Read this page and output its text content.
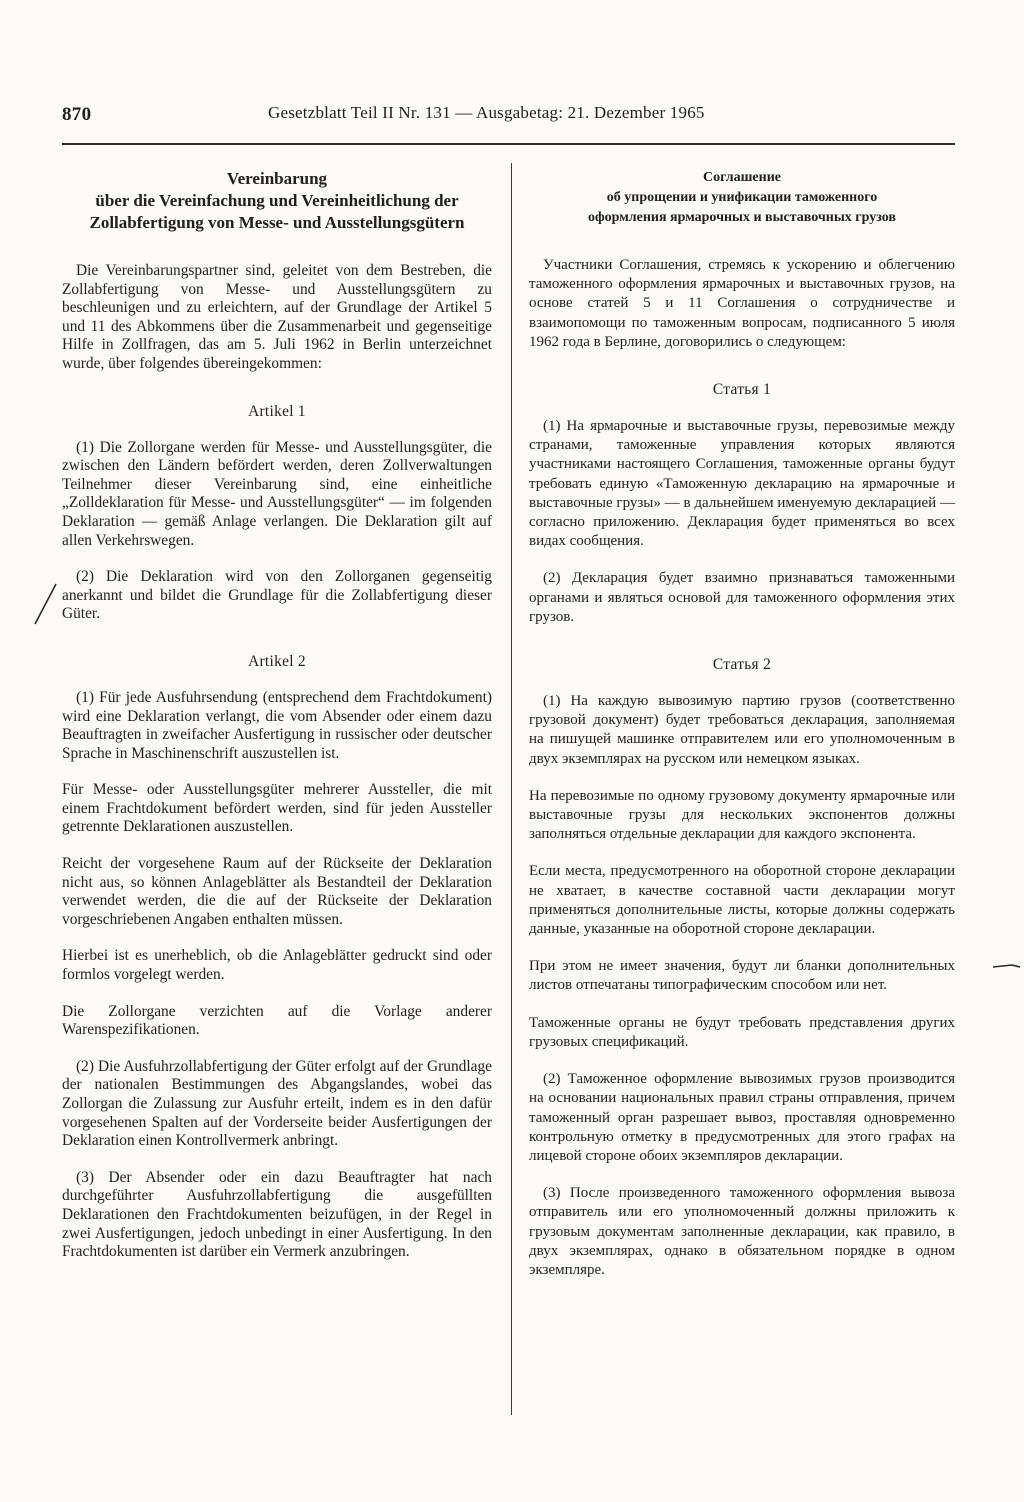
870	Gesetzblatt Teil II Nr. 131 — Ausgabetag: 21. Dezember 1965

Vereinbarung

über die Vereinfachung und Vereinheitlichung der

Zollabfertigung von Messe- und Ausstellungsgütern

Die Vereinbarungspartner sind, geleitet von dem Bestreben, die Zollabfertigung von Messe- und Ausstellungsgütern zu beschleunigen und zu erleichtern, auf der Grundlage der Artikel 5 und 11 des Abkommens über die Zusammenarbeit und gegenseitige Hilfe in Zollfragen, das am 5. Juli 1962 in Berlin unterzeichnet wurde, über folgendes übereingekommen:

Artikel 1

(1) Die Zollorgane werden für Messe- und Ausstellungsgüter, die zwischen den Ländern befördert werden, deren Zollverwaltungen Teilnehmer dieser Vereinbarung sind, eine einheitliche „Zolldeklaration für Messe- und Ausstellungsgüter“ — im folgenden Deklaration — gemäß Anlage verlangen. Die Deklaration gilt auf allen Verkehrswegen.

(2) Die Deklaration wird von den Zollorganen gegenseitig anerkannt und bildet die Grundlage für die Zollabfertigung dieser Güter.

Artikel 2

(1) Für jede Ausfuhrsendung (entsprechend dem Frachtdokument) wird eine Deklaration verlangt, die vom Absender oder einem dazu Beauftragten in zweifacher Ausfertigung in russischer oder deutscher Sprache in Maschinenschrift auszustellen ist.

Für Messe- oder Ausstellungsgüter mehrerer Aussteller, die mit einem Frachtdokument befördert werden, sind für jeden Aussteller getrennte Deklarationen auszustellen.

Reicht der vorgesehene Raum auf der Rückseite der Deklaration nicht aus, so können Anlageblätter als Bestandteil der Deklaration verwendet werden, die die auf der Rückseite der Deklaration vorgeschriebenen Angaben enthalten müssen.

Hierbei ist es unerheblich, ob die Anlageblätter gedruckt sind oder formlos vorgelegt werden.

Die Zollorgane verzichten auf die Vorlage anderer Warenspezifikationen.

(2) Die Ausfuhrzollabfertigung der Güter erfolgt auf der Grundlage der nationalen Bestimmungen des Abgangslandes, wobei das Zollorgan die Zulassung zur Ausfuhr erteilt, indem es in den dafür vorgesehenen Spalten auf der Vorderseite beider Ausfertigungen der Deklaration einen Kontrollvermerk anbringt.

(3) Der Absender oder ein dazu Beauftragter hat nach durchgeführter Ausfuhrzollabfertigung die ausgefüllten Deklarationen den Frachtdokumenten beizufügen, in der Regel in zwei Ausfertigungen, jedoch unbedingt in einer Ausfertigung. In den Frachtdokumenten ist darüber ein Vermerk anzubringen.

Соглашение

об упрощении и унификации таможенного

оформления ярмарочных и выставочных грузов

Участники Соглашения, стремясь к ускорению и облегчению таможенного оформления ярмарочных и выставочных грузов, на основе статей 5 и 11 Соглашения о сотрудничестве и взаимопомощи по таможенным вопросам, подписанного 5 июля 1962 года в Берлине, договорились о следующем:

Статья 1

(1) На ярмарочные и выставочные грузы, перевозимые между странами, таможенные управления которых являются участниками настоящего Соглашения, таможенные органы будут требовать единую «Таможенную декларацию на ярмарочные и выставочные грузы» — в дальнейшем именуемую декларацией — согласно приложению. Декларация будет применяться во всех видах сообщения.

(2) Декларация будет взаимно признаваться таможенными органами и являться основой для таможенного оформления этих грузов.

Статья 2

(1) На каждую вывозимую партию грузов (соответственно грузовой документ) будет требоваться декларация, заполняемая на пишущей машинке отправителем или его уполномоченным в двух экземплярах на русском или немецком языках.

На перевозимые по одному грузовому документу ярмарочные или выставочные грузы для нескольких экспонентов должны заполняться отдельные декларации для каждого экспонента.

Если места, предусмотренного на оборотной стороне декларации не хватает, в качестве составной части декларации могут применяться дополнительные листы, которые должны содержать данные, указанные на оборотной стороне декларации.

При этом не имеет значения, будут ли бланки дополнительных листов отпечатаны типографическим способом или нет.

Таможенные органы не будут требовать представления других грузовых спецификаций.

(2) Таможенное оформление вывозимых грузов производится на основании национальных правил страны отправления, причем таможенный орган разрешает вывоз, проставляя одновременно контрольную отметку в предусмотренных для этого графах на лицевой стороне обоих экземпляров декларации.

(3) После произведенного таможенного оформления вывоза отправитель или его уполномоченный должны приложить к грузовым документам заполненные декларации, как правило, в двух экземплярах, однако в обязательном порядке в одном экземпляре.
